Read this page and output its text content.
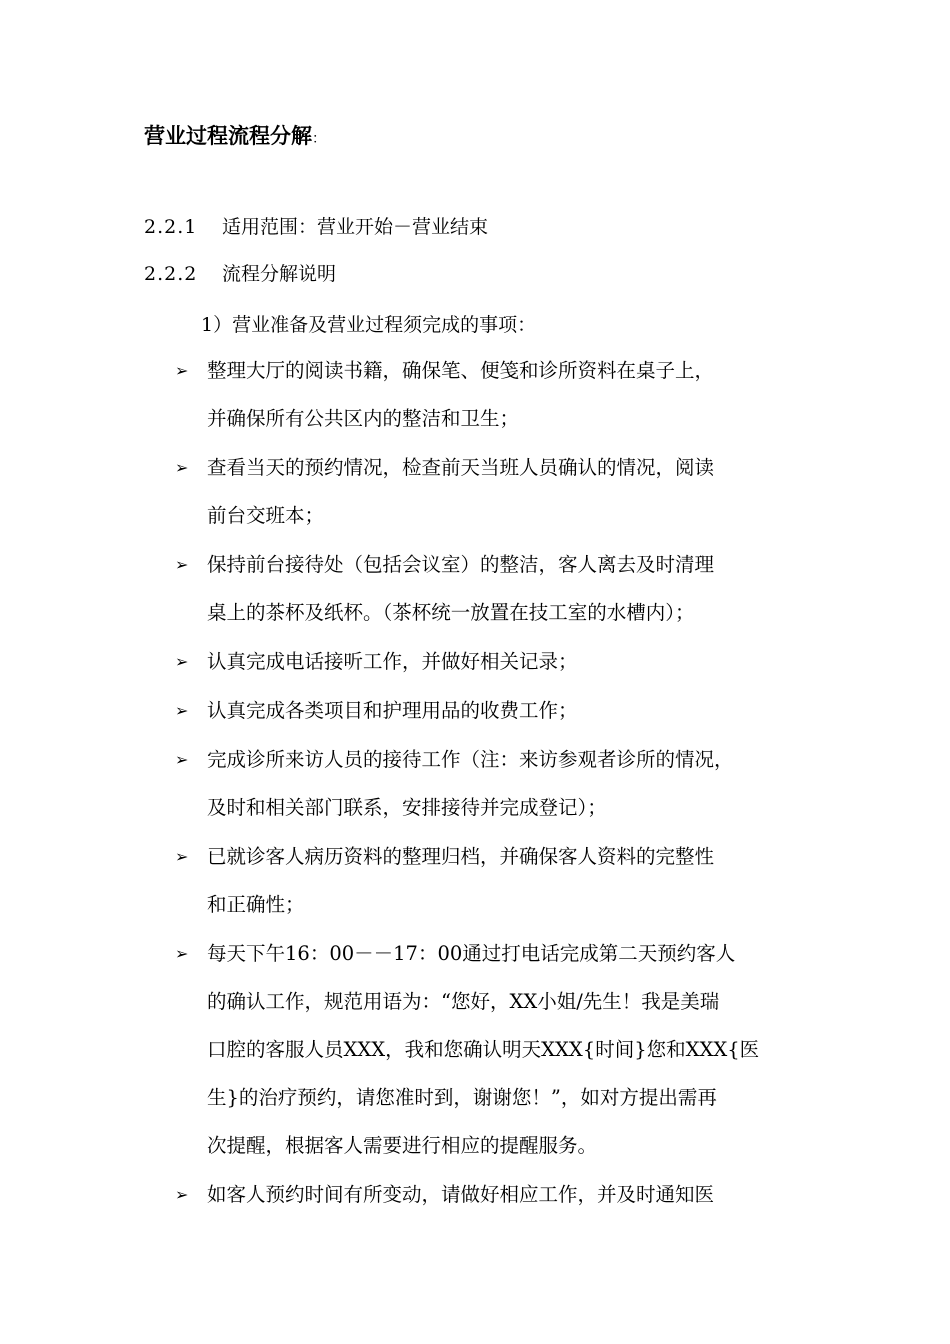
营业过程流程分解：
2.2.1 适用范围：营业开始－营业结束
2.2.2 流程分解说明
1）营业准备及营业过程须完成的事项：
➢ 整理大厅的阅读书籍，确保笔、便笺和诊所资料在桌子上，
并确保所有公共区内的整洁和卫生；
➢ 查看当天的预约情况，检查前天当班人员确认的情况，阅读
前台交班本；
➢ 保持前台接待处（包括会议室）的整洁，客人离去及时清理
桌上的茶杯及纸杯。（茶杯统一放置在技工室的水槽内）；
➢ 认真完成电话接听工作，并做好相关记录；
➢ 认真完成各类项目和护理用品的收费工作；
➢ 完成诊所来访人员的接待工作（注：来访参观者诊所的情况，
及时和相关部门联系，安排接待并完成登记）；
➢ 已就诊客人病历资料的整理归档，并确保客人资料的完整性
和正确性；
➢ 每天下午16：00－－17：00通过打电话完成第二天预约客人
的确认工作，规范用语为：“您好，XX小姐/先生！我是美瑞
口腔的客服人员XXX，我和您确认明天XXX{时间}您和XXX{医
生}的治疗预约，请您准时到，谢谢您！”，如对方提出需再
次提醒，根据客人需要进行相应的提醒服务。
➢ 如客人预约时间有所变动，请做好相应工作，并及时通知医
